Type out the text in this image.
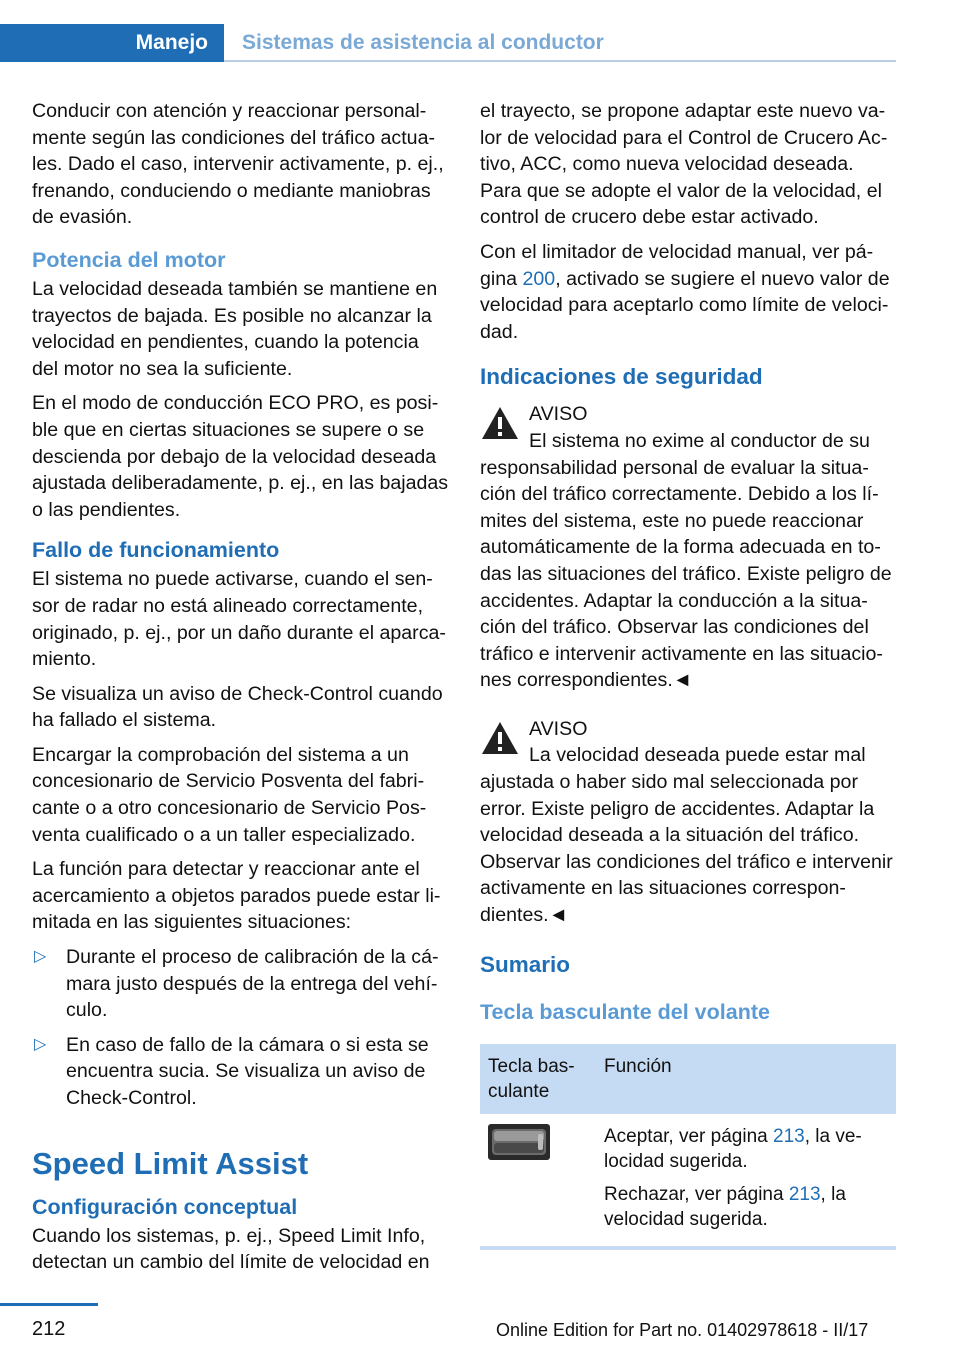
Manejo	Sistemas de asistencia al conductor

Conducir con atención y reaccionar personalmente según las condiciones del tráfico actuales. Dado el caso, intervenir activamente, p. ej., frenando, conduciendo o mediante maniobras de evasión.

Potencia del motor

La velocidad deseada también se mantiene en trayectos de bajada. Es posible no alcanzar la velocidad en pendientes, cuando la potencia del motor no sea la suficiente.

En el modo de conducción ECO PRO, es posible que en ciertas situaciones se supere o se descienda por debajo de la velocidad deseada ajustada deliberadamente, p. ej., en las bajadas o las pendientes.

Fallo de funcionamiento

El sistema no puede activarse, cuando el sensor de radar no está alineado correctamente, originado, p. ej., por un daño durante el aparcamiento.

Se visualiza un aviso de Check-Control cuando ha fallado el sistema.

Encargar la comprobación del sistema a un concesionario de Servicio Posventa del fabricante o a otro concesionario de Servicio Posventa cualificado o a un taller especializado.

La función para detectar y reaccionar ante el acercamiento a objetos parados puede estar limitada en las siguientes situaciones:

▷ Durante el proceso de calibración de la cámara justo después de la entrega del vehículo.
▷ En caso de fallo de la cámara o si esta se encuentra sucia. Se visualiza un aviso de Check-Control.
Speed Limit Assist
Configuración conceptual

Cuando los sistemas, p. ej., Speed Limit Info, detectan un cambio del límite de velocidad en

el trayecto, se propone adaptar este nuevo valor de velocidad para el Control de Crucero Activo, ACC, como nueva velocidad deseada. Para que se adopte el valor de la velocidad, el control de crucero debe estar activado.

Con el limitador de velocidad manual, ver página 200, activado se sugiere el nuevo valor de velocidad para aceptarlo como límite de velocidad.

Indicaciones de seguridad
AVISO
El sistema no exime al conductor de su
responsabilidad personal de evaluar la situación del tráfico correctamente. Debido a los límites del sistema, este no puede reaccionar automáticamente de la forma adecuada en todas las situaciones del tráfico. Existe peligro de accidentes. Adaptar la conducción a la situación del tráfico. Observar las condiciones del tráfico e intervenir activamente en las situaciones correspondientes.◄
AVISO
La velocidad deseada puede estar mal
ajustada o haber sido mal seleccionada por error. Existe peligro de accidentes. Adaptar la velocidad deseada a la situación del tráfico. Observar las condiciones del tráfico e intervenir activamente en las situaciones correspondientes.◄
Sumario
Tecla basculante del volante
Tecla basculante	Función

Aceptar, ver página 213, la velocidad sugerida.

Rechazar, ver página 213, la velocidad sugerida.

212	Online Edition for Part no. 01402978618 - II/17
